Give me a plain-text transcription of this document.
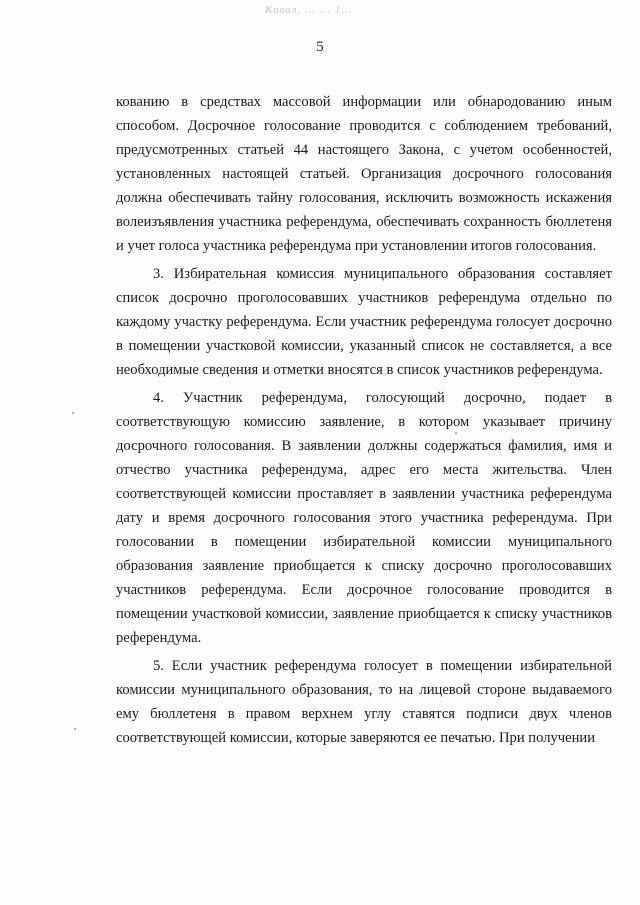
Ковал, ... ... 1...
5

кованию в средствах массовой информации или обнародованию иным способом. Досрочное голосование проводится с соблюдением требований, предусмотренных статьей 44 настоящего Закона, с учетом особенностей, установленных настоящей статьей. Организация досрочного голосования должна обеспечивать тайну голосования, исключить возможность искажения волеизъявления участника референдума, обеспечивать сохранность бюллетеня и учет голоса участника референдума при установлении итогов голосования.

3. Избирательная комиссия муниципального образования составляет список досрочно проголосовавших участников референдума отдельно по каждому участку референдума. Если участник референдума голосует досрочно в помещении участковой комиссии, указанный список не составляется, а все необходимые сведения и отметки вносятся в список участников референдума.

4. Участник референдума, голосующий досрочно, подает в соответствующую комиссию заявление, в котором указывает причину досрочного голосования. В заявлении должны содержаться фамилия, имя и отчество участника референдума, адрес его места жительства. Член соответствующей комиссии проставляет в заявлении участника референдума дату и время досрочного голосования этого участника референдума. При голосовании в помещении избирательной комиссии муниципального образования заявление приобщается к списку досрочно проголосовавших участников референдума. Если досрочное голосование проводится в помещении участковой комиссии, заявление приобщается к списку участников референдума.

5. Если участник референдума голосует в помещении избирательной комиссии муниципального образования, то на лицевой стороне выдаваемого ему бюллетеня в правом верхнем углу ставятся подписи двух членов соответствующей комиссии, которые заверяются ее печатью. При получении
